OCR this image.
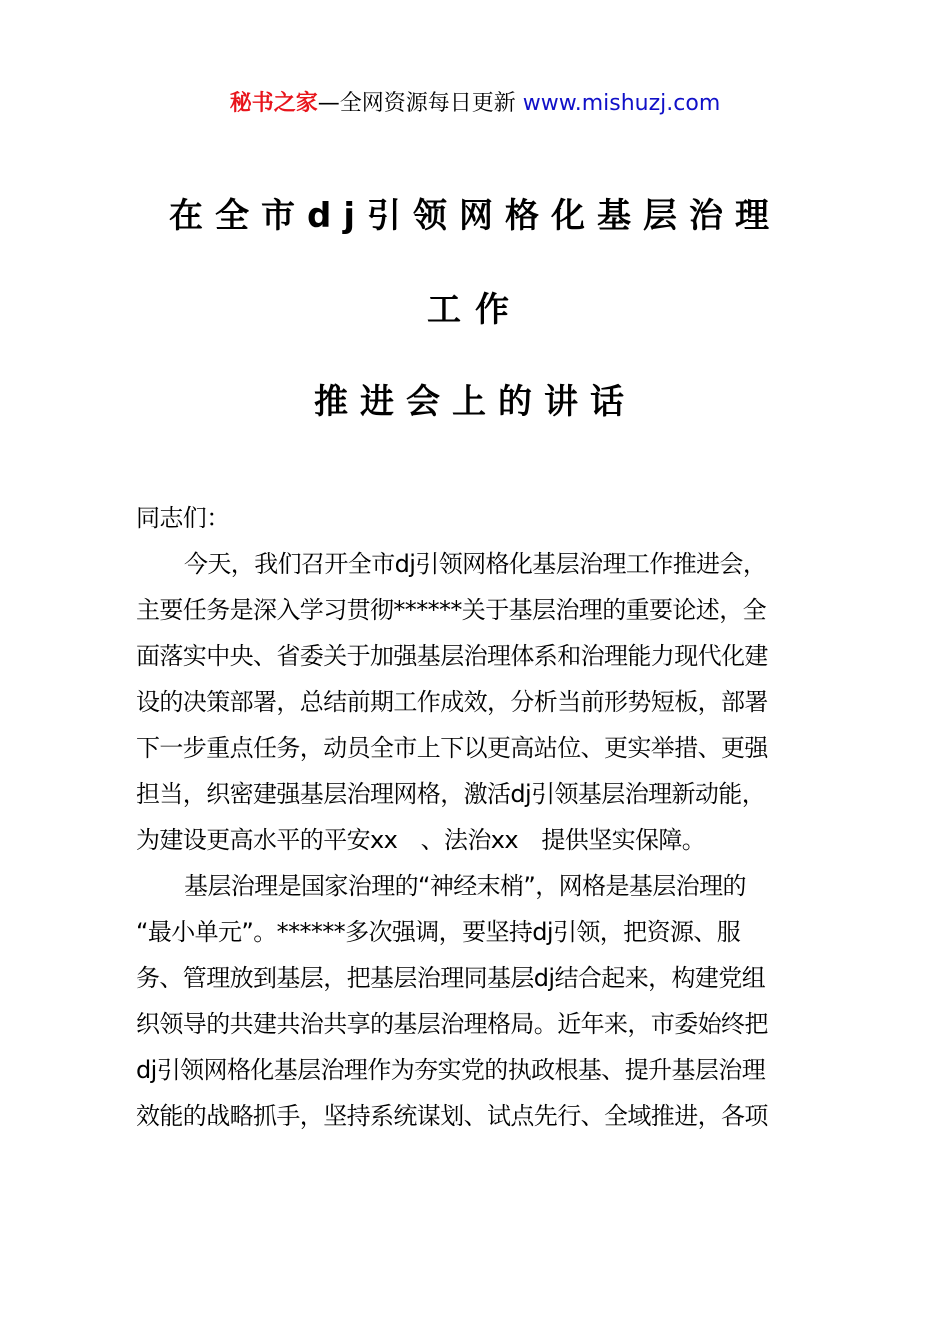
秘书之家—全网资源每日更新 www.mishuzj.com
在全市dj引领网格化基层治理
工作
推进会上的讲话
同志们：
今天，我们召开全市dj引领网格化基层治理工作推进会，
主要任务是深入学习贯彻******关于基层治理的重要论述，全
面落实中央、省委关于加强基层治理体系和治理能力现代化建
设的决策部署，总结前期工作成效，分析当前形势短板，部署
下一步重点任务，动员全市上下以更高站位、更实举措、更强
担当，织密建强基层治理网格，激活dj引领基层治理新动能，
为建设更高水平的平安xx　、法治xx　提供坚实保障。
基层治理是国家治理的“神经末梢”，网格是基层治理的
“最小单元”。******多次强调，要坚持dj引领，把资源、服
务、管理放到基层，把基层治理同基层dj结合起来，构建党组
织领导的共建共治共享的基层治理格局。近年来，市委始终把
dj引领网格化基层治理作为夯实党的执政根基、提升基层治理
效能的战略抓手，坚持系统谋划、试点先行、全域推进，各项
